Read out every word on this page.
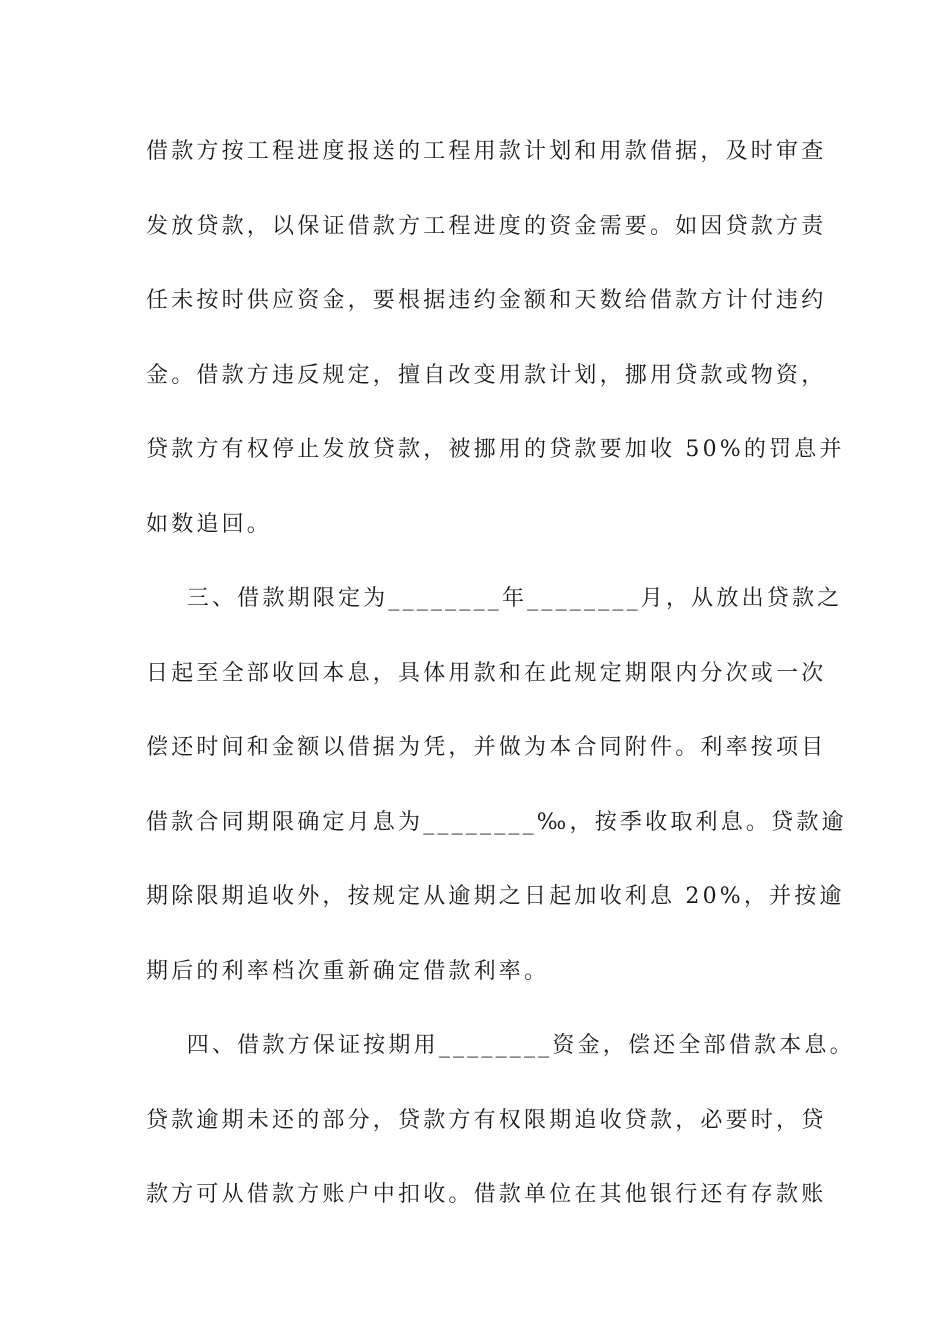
借款方按工程进度报送的工程用款计划和用款借据，及时审查
发放贷款，以保证借款方工程进度的资金需要。如因贷款方责
任未按时供应资金，要根据违约金额和天数给借款方计付违约
金。借款方违反规定，擅自改变用款计划，挪用贷款或物资，
贷款方有权停止发放贷款，被挪用的贷款要加收 50%的罚息并
如数追回。
三、借款期限定为________年________月，从放出贷款之
日起至全部收回本息，具体用款和在此规定期限内分次或一次
偿还时间和金额以借据为凭，并做为本合同附件。利率按项目
借款合同期限确定月息为________‰，按季收取利息。贷款逾
期除限期追收外，按规定从逾期之日起加收利息 20%，并按逾
期后的利率档次重新确定借款利率。
四、借款方保证按期用________资金，偿还全部借款本息。
贷款逾期未还的部分，贷款方有权限期追收贷款，必要时，贷
款方可从借款方账户中扣收。借款单位在其他银行还有存款账
